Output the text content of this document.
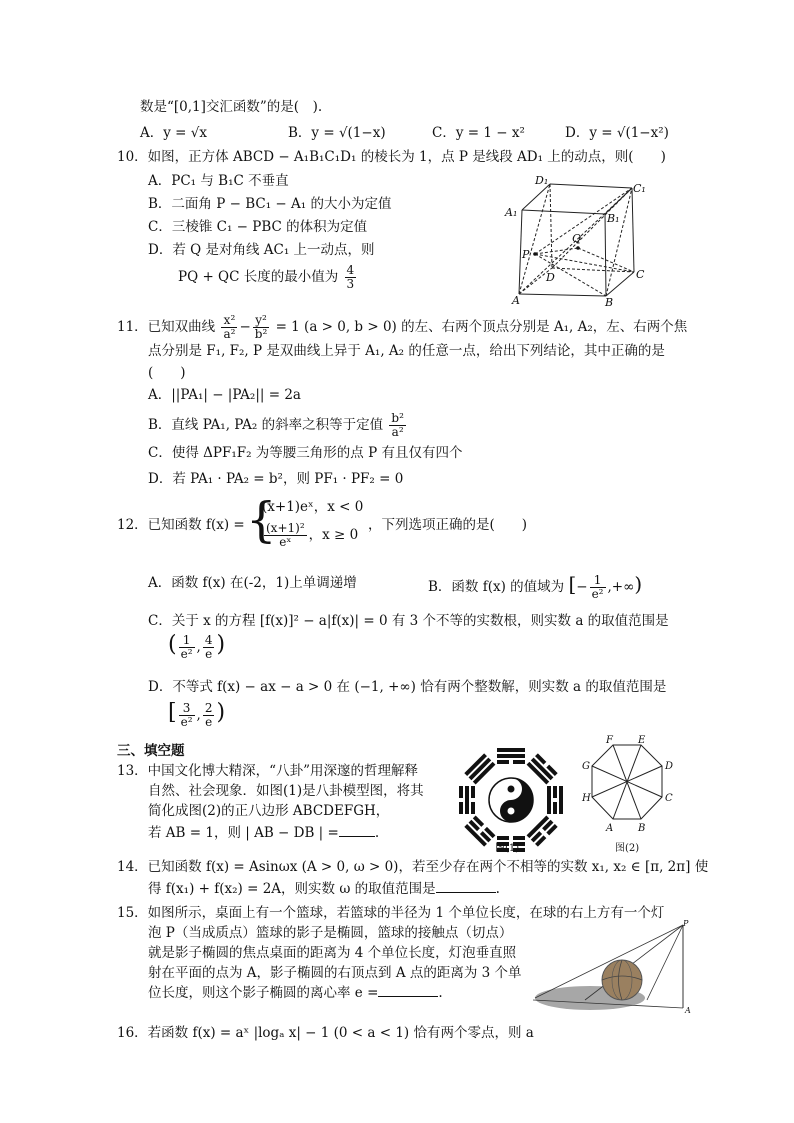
数是“[0,1]交汇函数”的是(　).
A．y = √x	B．y = √(1−x)	C．y = 1 − x²	D．y = √(1−x²)
10．如图，正方体 ABCD − A₁B₁C₁D₁ 的棱长为 1，点 P 是线段 AD₁ 上的动点，则(　　)
A．PC₁ 与 B₁C 不垂直
B．二面角 P − BC₁ − A₁ 的大小为定值
C．三棱锥 C₁ − PBC 的体积为定值
D．若 Q 是对角线 AC₁ 上一动点，则
PQ + QC 长度的最小值为 $\frac{4}{3}$
D₁
C₁
A₁	B₁
P
Q
D	C
A	B
11．已知双曲线 $\frac{\text{x²}}{\text{a²}} - \frac{\text{y²}}{\text{b²}} = 1$ (a > 0, b > 0) 的左、右两个顶点分别是 A₁, A₂，左、右两个焦
点分别是 F₁, F₂, P 是双曲线上异于 A₁, A₂ 的任意一点，给出下列结论，其中正确的是
(　　)
A．||PA₁| − |PA₂|| = 2a
B．直线 PA₁, PA₂ 的斜率之积等于定值 $\frac{\text{b²}}{\text{a²}}$
C．使得 ΔPF₁F₂ 为等腰三角形的点 P 有且仅有四个
D．若 PA₁ · PA₂ = b²，则 PF₁ · PF₂ = 0
12．已知函数 f(x) = {
(x+1)eˣ，x < 0
$\frac{\text{(x+1)²}}{\text{eˣ}}$ ，x ≥ 0
，下列选项正确的是(　　)
A．函数 f(x) 在(-2，1)上单调递增	B．函数 f(x) 的值域为 [− $\frac{1}{\text{e²}}$ ,+∞)
C．关于 x 的方程 [f(x)]² − a|f(x)| = 0 有 3 个不等的实数根，则实数 a 的取值范围是
( $\frac{1}{\text{e²}}$ , $\frac{4}{e}$ )
D．不等式 f(x) − ax − a > 0 在 (−1, +∞) 恰有两个整数解，则实数 a 的取值范围是
[ $\frac{3}{\text{e²}}$ , $\frac{2}{e}$ )
三、填空题
13．中国文化博大精深，“八卦”用深邃的哲理解释
自然、社会现象．如图(1)是八卦模型图，将其
简化成图(2)的正八边形 ABCDEFGH，
若 AB = 1，则 | AB − DB | =	.
图(1)
F	E
G	D
H	C
A B
图(2)
14．已知函数 f(x) = Asinωx (A > 0, ω > 0)，若至少存在两个不相等的实数 x₁, x₂ ∈ [π, 2π] 使
得 f(x₁) + f(x₂) = 2A，则实数 ω 的取值范围是	.
15．如图所示，桌面上有一个篮球，若篮球的半径为 1 个单位长度，在球的右上方有一个灯
泡 P（当成质点）篮球的影子是椭圆，篮球的接触点（切点）
就是影子椭圆的焦点桌面的距离为 4 个单位长度，灯泡垂直照
射在平面的点为 A，影子椭圆的右顶点到 A 点的距离为 3 个单
位长度，则这个影子椭圆的离心率 e =	.
P
A
16．若函数 f(x) = aˣ |logₐ x| − 1 (0 < a < 1) 恰有两个零点，则 a
